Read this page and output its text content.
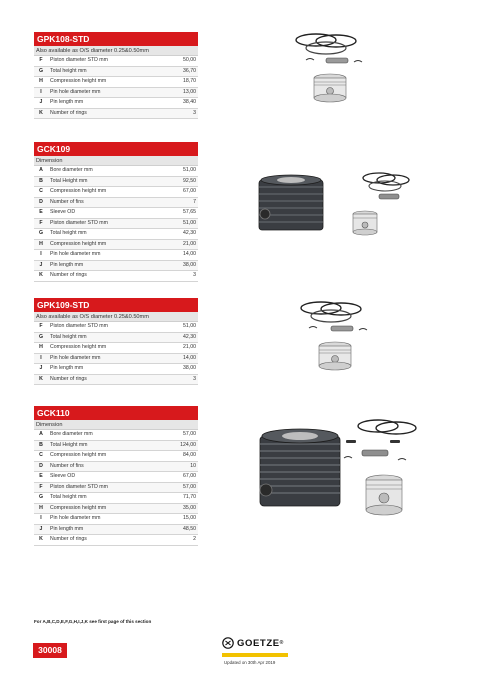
GPK108-STD
Also available as O/S diameter 0.25&0.50mm
F	Piston diameter STD mm	50,00
G	Total height mm	36,70
H	Compression height mm	18,70
I	Pin hole diameter mm	13,00
J	Pin length mm	38,40
K	Number of rings	3
GCK109
Dimension
A	Bore diameter mm	51,00
B	Total Height mm	92,50
C	Compression height mm	67,00
D	Number of fins	7
E	Sleeve OD	57,65
F	Piston diameter STD mm	51,00
G	Total height mm	42,30
H	Compression height mm	21,00
I	Pin hole diameter mm	14,00
J	Pin length mm	38,00
K	Number of rings	3
GPK109-STD
Also available as O/S diameter 0.25&0.50mm
F	Piston diameter STD mm	51,00
G	Total height mm	42,30
H	Compression height mm	21,00
I	Pin hole diameter mm	14,00
J	Pin length mm	38,00
K	Number of rings	3
GCK110
Dimension
A	Bore diameter mm	57,00
B	Total Height mm	124,00
C	Compression height mm	84,00
D	Number of fins	10
E	Sleeve OD	67,00
F	Piston diameter STD mm	57,00
G	Total height mm	71,70
H	Compression height mm	35,00
I	Pin hole diameter mm	15,00
J	Pin length mm	48,50
K	Number of rings	2
For A,B,C,D,E,F,G,H,I,J,K see first page of this section
30008
GOETZE ®
Updated on 30th Apr 2019
